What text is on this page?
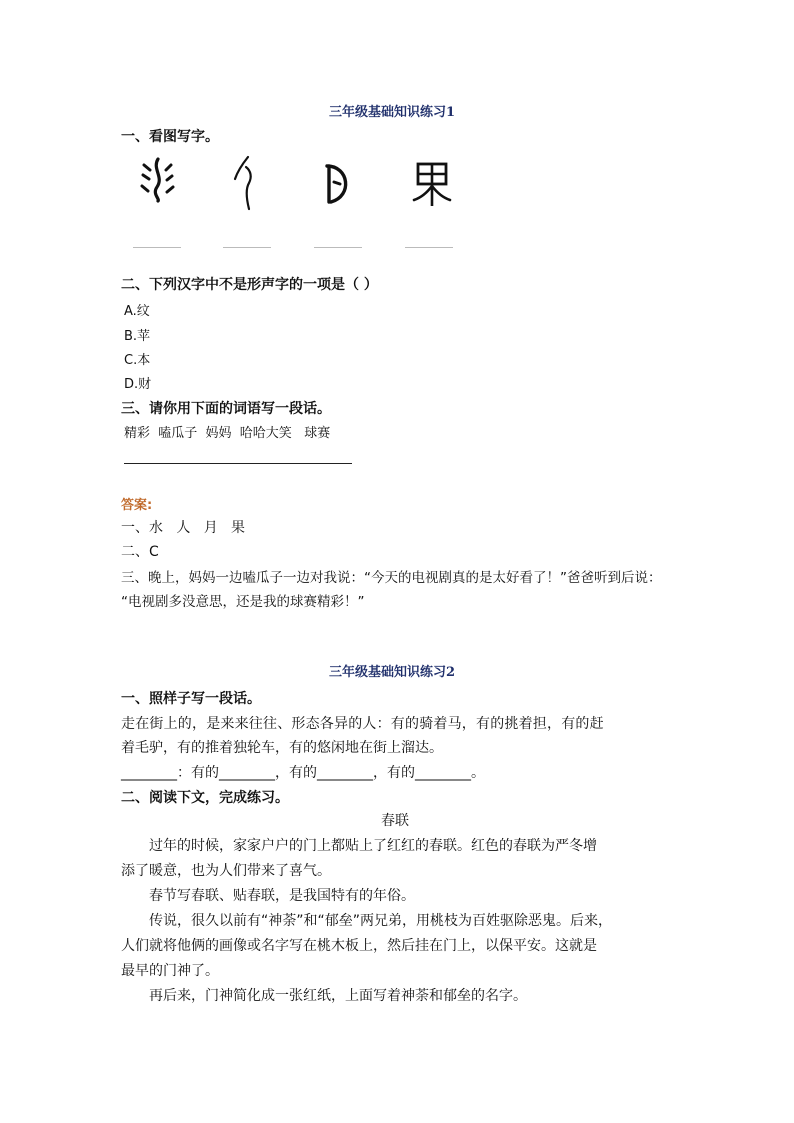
三年级基础知识练习1
一、看图写字。
二、下列汉字中不是形声字的一项是（ ）
A.纹
B.苹
C.本
D.财
三、请你用下面的词语写一段话。
精彩  嗑瓜子  妈妈  哈哈大笑   球赛
答案:
一、水   人   月   果
二、C
三、晚上，妈妈一边嗑瓜子一边对我说：“今天的电视剧真的是太好看了！”爸爸听到后说：
“电视剧多没意思，还是我的球赛精彩！”
三年级基础知识练习2
一、照样子写一段话。
走在街上的，是来来往往、形态各异的人：有的骑着马，有的挑着担，有的赶
着毛驴，有的推着独轮车，有的悠闲地在街上溜达。
________：有的________，有的________，有的________。
二、阅读下文，完成练习。
春联
过年的时候，家家户户的门上都贴上了红红的春联。红色的春联为严冬增
添了暖意，也为人们带来了喜气。
春节写春联、贴春联，是我国特有的年俗。
传说，很久以前有“神荼”和“郁垒”两兄弟，用桃枝为百姓驱除恶鬼。后来，
人们就将他俩的画像或名字写在桃木板上，然后挂在门上，以保平安。这就是
最早的门神了。
再后来，门神简化成一张红纸，上面写着神荼和郁垒的名字。
